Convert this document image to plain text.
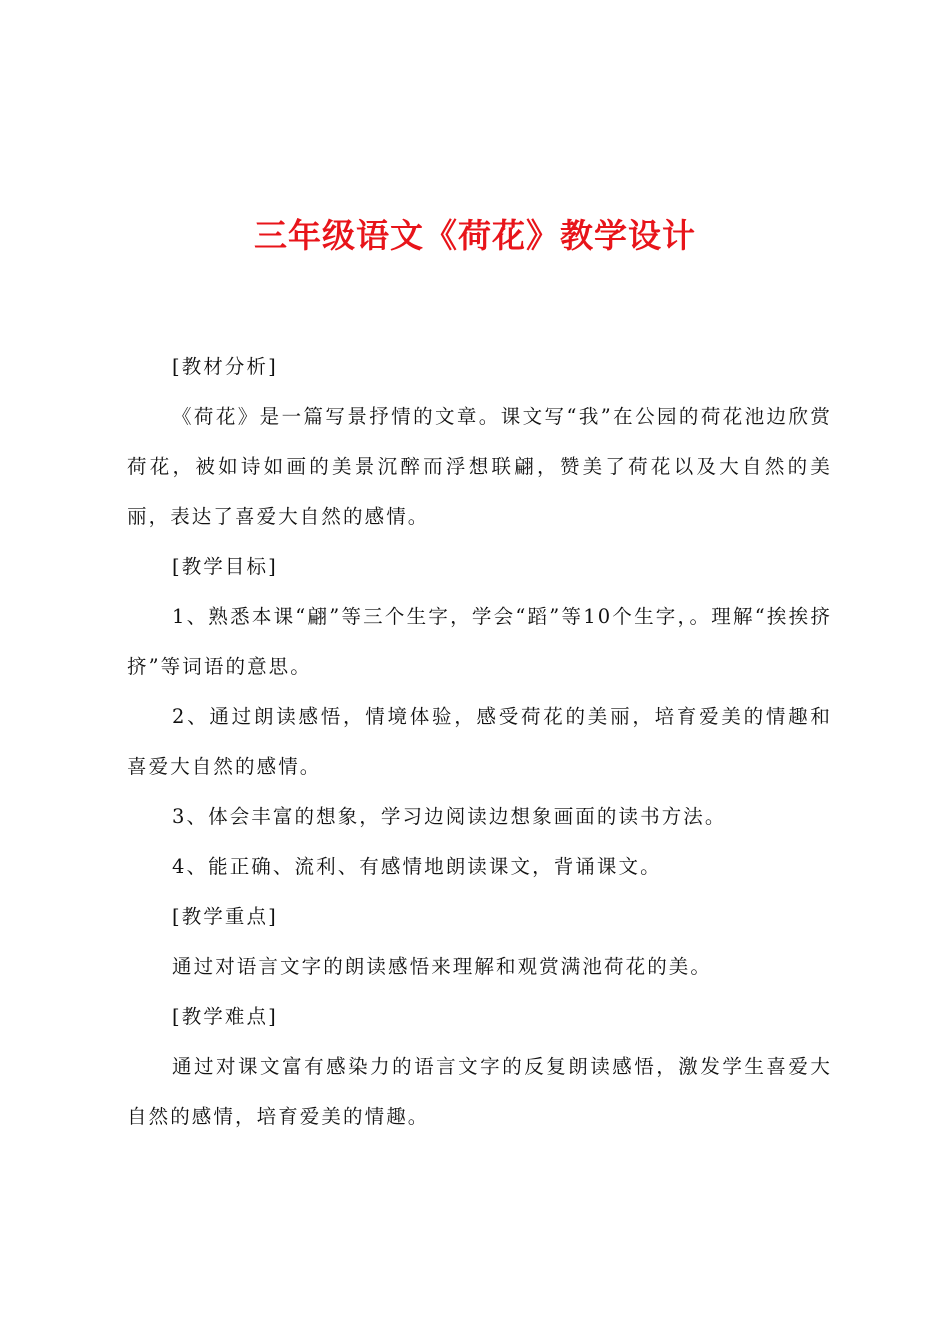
三年级语文《荷花》教学设计

[教材分析]

《荷花》是一篇写景抒情的文章。课文写“我”在公园的荷花池边欣赏荷花，被如诗如画的美景沉醉而浮想联翩，赞美了荷花以及大自然的美丽，表达了喜爱大自然的感情。

[教学目标]

1、熟悉本课“翩”等三个生字，学会“蹈”等10个生字，。理解“挨挨挤挤”等词语的意思。

2、通过朗读感悟，情境体验，感受荷花的美丽，培育爱美的情趣和喜爱大自然的感情。

3、体会丰富的想象，学习边阅读边想象画面的读书方法。

4、能正确、流利、有感情地朗读课文，背诵课文。

[教学重点]

通过对语言文字的朗读感悟来理解和观赏满池荷花的美。

[教学难点]

通过对课文富有感染力的语言文字的反复朗读感悟，激发学生喜爱大自然的感情，培育爱美的情趣。
